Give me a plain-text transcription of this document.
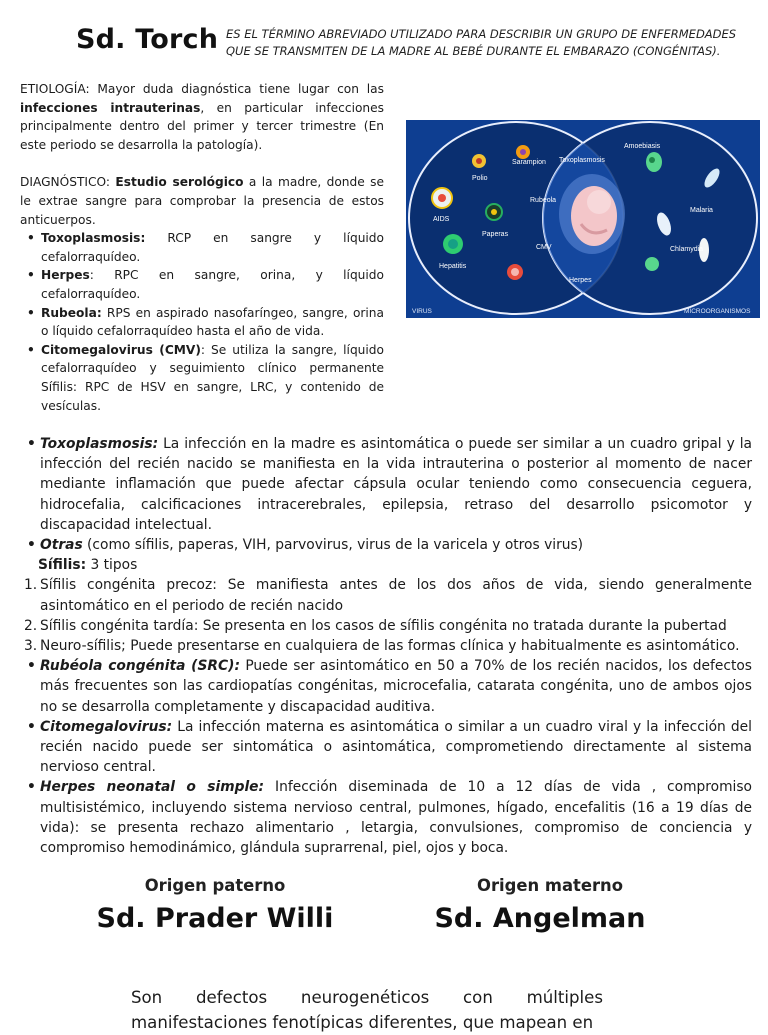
Sd. Torch ES EL TÉRMINO ABREVIADO UTILIZADO PARA DESCRIBIR UN GRUPO DE ENFERMEDADES QUE SE TRANSMITEN DE LA MADRE AL BEBÉ DURANTE EL EMBARAZO (CONGÉNITAS).

ETIOLOGÍA: Mayor duda diagnóstica tiene lugar con las infecciones intrauterinas, en particular infecciones principalmente dentro del primer y tercer trimestre (En este periodo se desarrolla la patología).

DIAGNÓSTICO: Estudio serológico a la madre, donde se le extrae sangre para comprobar la presencia de estos anticuerpos.

• Toxoplasmosis: RCP en sangre y líquido cefalorraquídeo.
• Herpes: RPC en sangre, orina, y líquido cefalorraquídeo.
• Rubeola: RPS en aspirado nasofaríngeo, sangre, orina o líquido cefalorraquídeo hasta el año de vida.
• Citomegalovirus (CMV): Se utiliza la sangre, líquido cefalorraquídeo y seguimiento clínico permanente Sífilis: RPC de HSV en sangre, LRC, y contenido de vesículas.
Sarampion
Polio
AIDS
Paperas
Hepatitis
Toxoplasmosis
Rubeola
CMV
Herpes
Amoebiasis
Malaria
Chlamydia
VIRUS	MICROORGANISMOS
• Toxoplasmosis: La infección en la madre es asintomática o puede ser similar a un cuadro gripal y la infección del recién nacido se manifiesta en la vida intrauterina o posterior al momento de nacer mediante inflamación que puede afectar cápsula ocular teniendo como consecuencia ceguera, hidrocefalia, calcificaciones intracerebrales, epilepsia, retraso del desarrollo psicomotor y discapacidad intelectual.
• Otras (como sífilis, paperas, VIH, parvovirus, virus de la varicela y otros virus)
Sífilis: 3 tipos
1. Sífilis congénita precoz: Se manifiesta antes de los dos años de vida, siendo generalmente asintomático en el periodo de recién nacido
2. Sífilis congénita tardía: Se presenta en los casos de sífilis congénita no tratada durante la pubertad
3. Neuro-sífilis; Puede presentarse en cualquiera de las formas clínica y habitualmente es asintomático.
• Rubéola congénita (SRC): Puede ser asintomático en 50 a 70% de los recién nacidos, los defectos más frecuentes son las cardiopatías congénitas, microcefalia, catarata congénita, uno de ambos ojos no se desarrolla completamente y discapacidad auditiva.
• Citomegalovirus: La infección materna es asintomática o similar a un cuadro viral y la infección del recién nacido puede ser sintomática o asintomática, comprometiendo directamente al sistema nervioso central.
• Herpes neonatal o simple: Infección diseminada de 10 a 12 días de vida , compromiso multisistémico, incluyendo sistema nervioso central, pulmones, hígado, encefalitis (16 a 19 días de vida): se presenta rechazo alimentario , letargia, convulsiones, compromiso de conciencia y compromiso hemodinámico, glándula suprarrenal, piel, ojos y boca.
Origen paterno
Sd. Prader Willi
Origen materno
Sd. Angelman
Son defectos neurogenéticos con múltiples
manifestaciones fenotípicas diferentes, que mapean en
